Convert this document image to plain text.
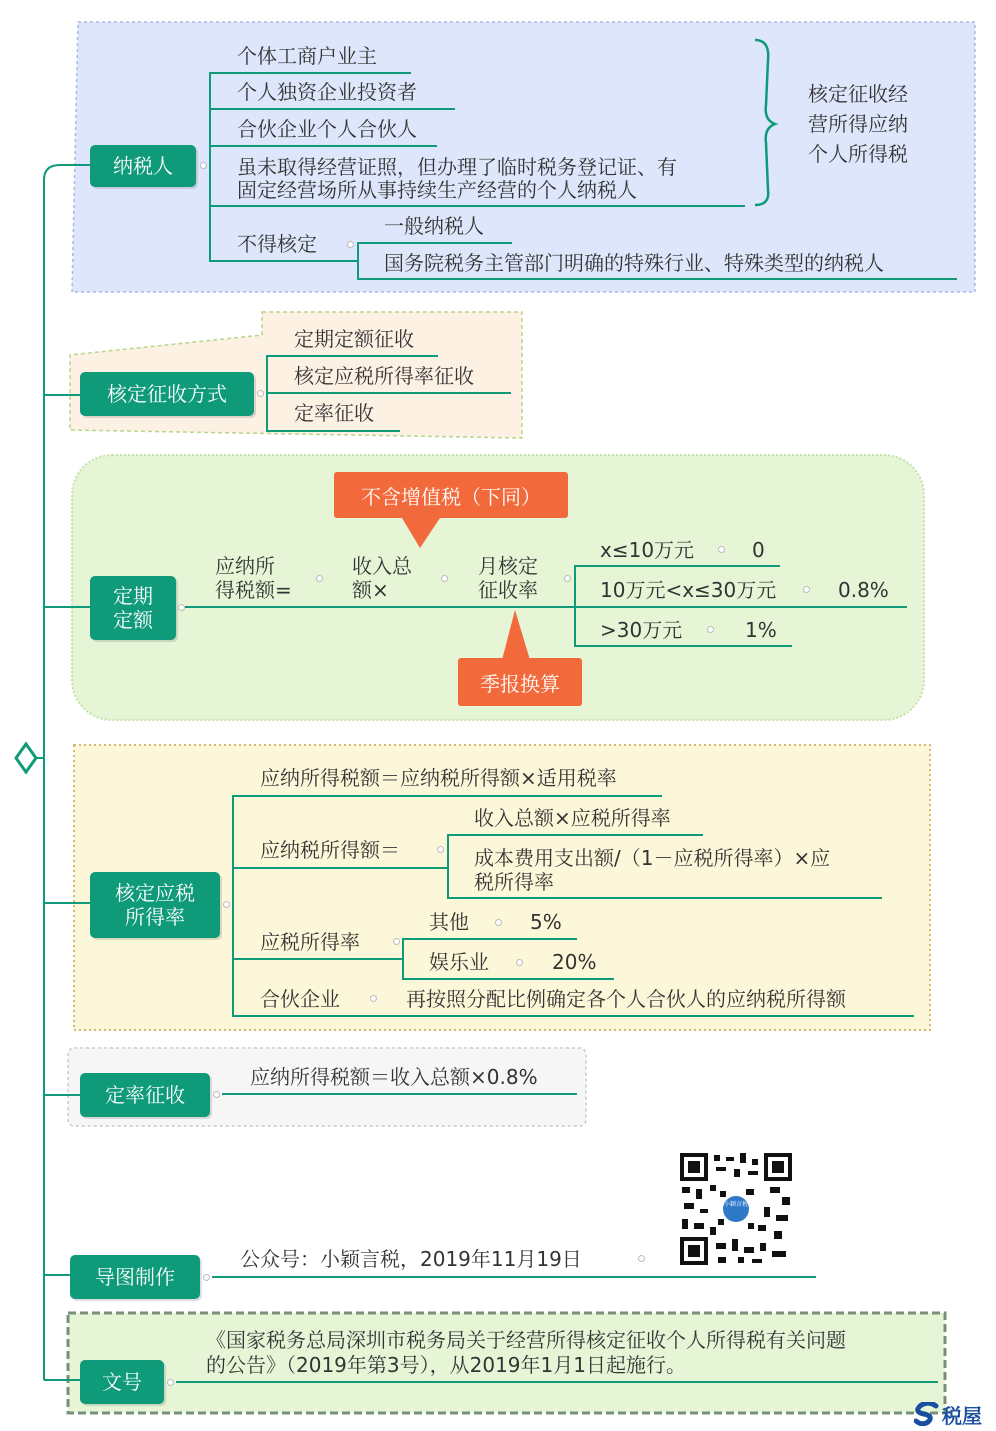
纳税人
个体工商户业主
个人独资企业投资者
合伙企业个人合伙人
虽未取得经营证照，但办理了临时税务登记证、有
固定经营场所从事持续生产经营的个人纳税人
核定征收经
营所得应纳
个人所得税
不得核定
一般纳税人
国务院税务主管部门明确的特殊行业、特殊类型的纳税人
核定征收方式
定期定额征收
核定应税所得率征收
定率征收
定期
定额
应纳所
得税额=
收入总
额×
月核定
征收率
x≤10万元	0
10万元<x≤30万元	0.8%
>30万元	1%
不含增值税（下同）
季报换算
核定应税
所得率
应纳所得税额＝应纳税所得额×适用税率
应纳税所得额＝
收入总额×应税所得率
成本费用支出额/（1－应税所得率）×应
税所得率
应税所得率
其他	5%
娱乐业	20%
合伙企业	再按照分配比例确定各个人合伙人的应纳税所得额
定率征收
应纳所得税额＝收入总额×0.8%
导图制作
公众号：小颖言税，2019年11月19日
小颖言税
文号
《国家税务总局深圳市税务局关于经营所得核定征收个人所得税有关问题
的公告》（2019年第3号），从2019年1月1日起施行。
税屋
